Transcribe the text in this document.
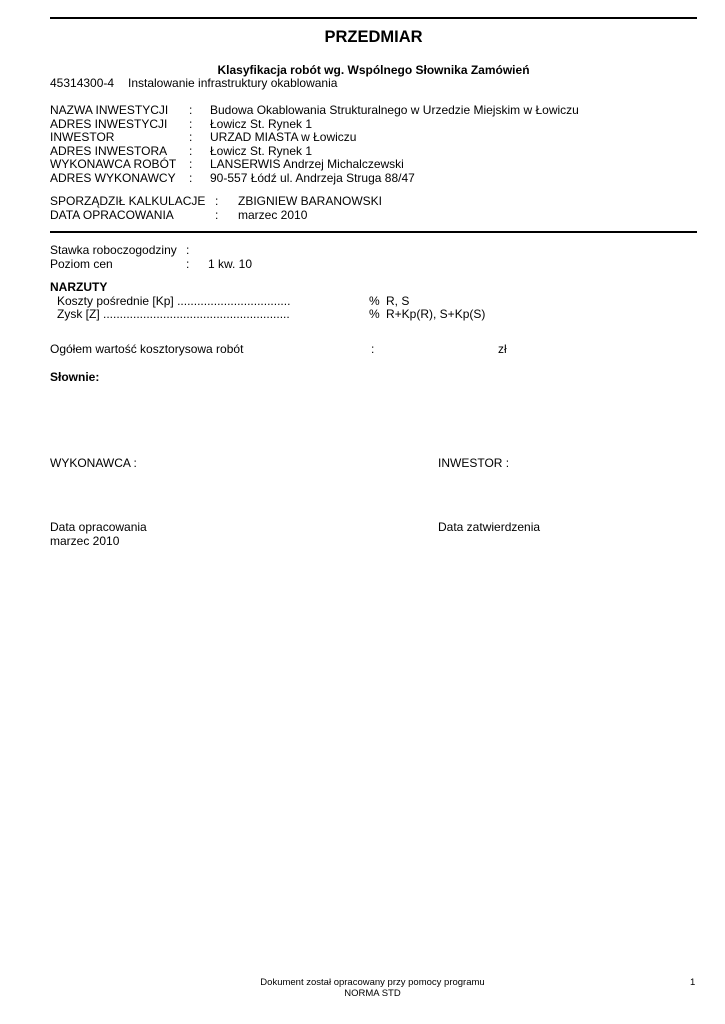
PRZEDMIAR
Klasyfikacja robót wg. Wspólnego Słownika Zamówień
45314300-4 Instalowanie infrastruktury okablowania
NAZWA INWESTYCJI : Budowa Okablowania Strukturalnego w Urzedzie Miejskim w Łowiczu
ADRES INWESTYCJI : Łowicz St. Rynek 1
INWESTOR	: URZAD MIASTA w Łowiczu
ADRES INWESTORA : Łowicz St. Rynek 1
WYKONAWCA ROBÓT : LANSERWIS Andrzej Michalczewski
ADRES WYKONAWCY : 90-557 Łódź ul. Andrzeja Struga 88/47
SPORZĄDZIŁ KALKULACJE : ZBIGNIEW BARANOWSKI
DATA OPRACOWANIA	: marzec 2010
Stawka roboczogodziny :
Poziom cen	: 1 kw. 10
NARZUTY
Koszty pośrednie [Kp] ..................................	% R, S
Zysk [Z] ........................................................	% R+Kp(R), S+Kp(S)
Ogółem wartość kosztorysowa robót	:	zł
Słownie:
WYKONAWCA :	INWESTOR :
Data opracowania	Data zatwierdzenia
marzec 2010
Dokument został opracowany przy pomocy programu
NORMA STD
1
